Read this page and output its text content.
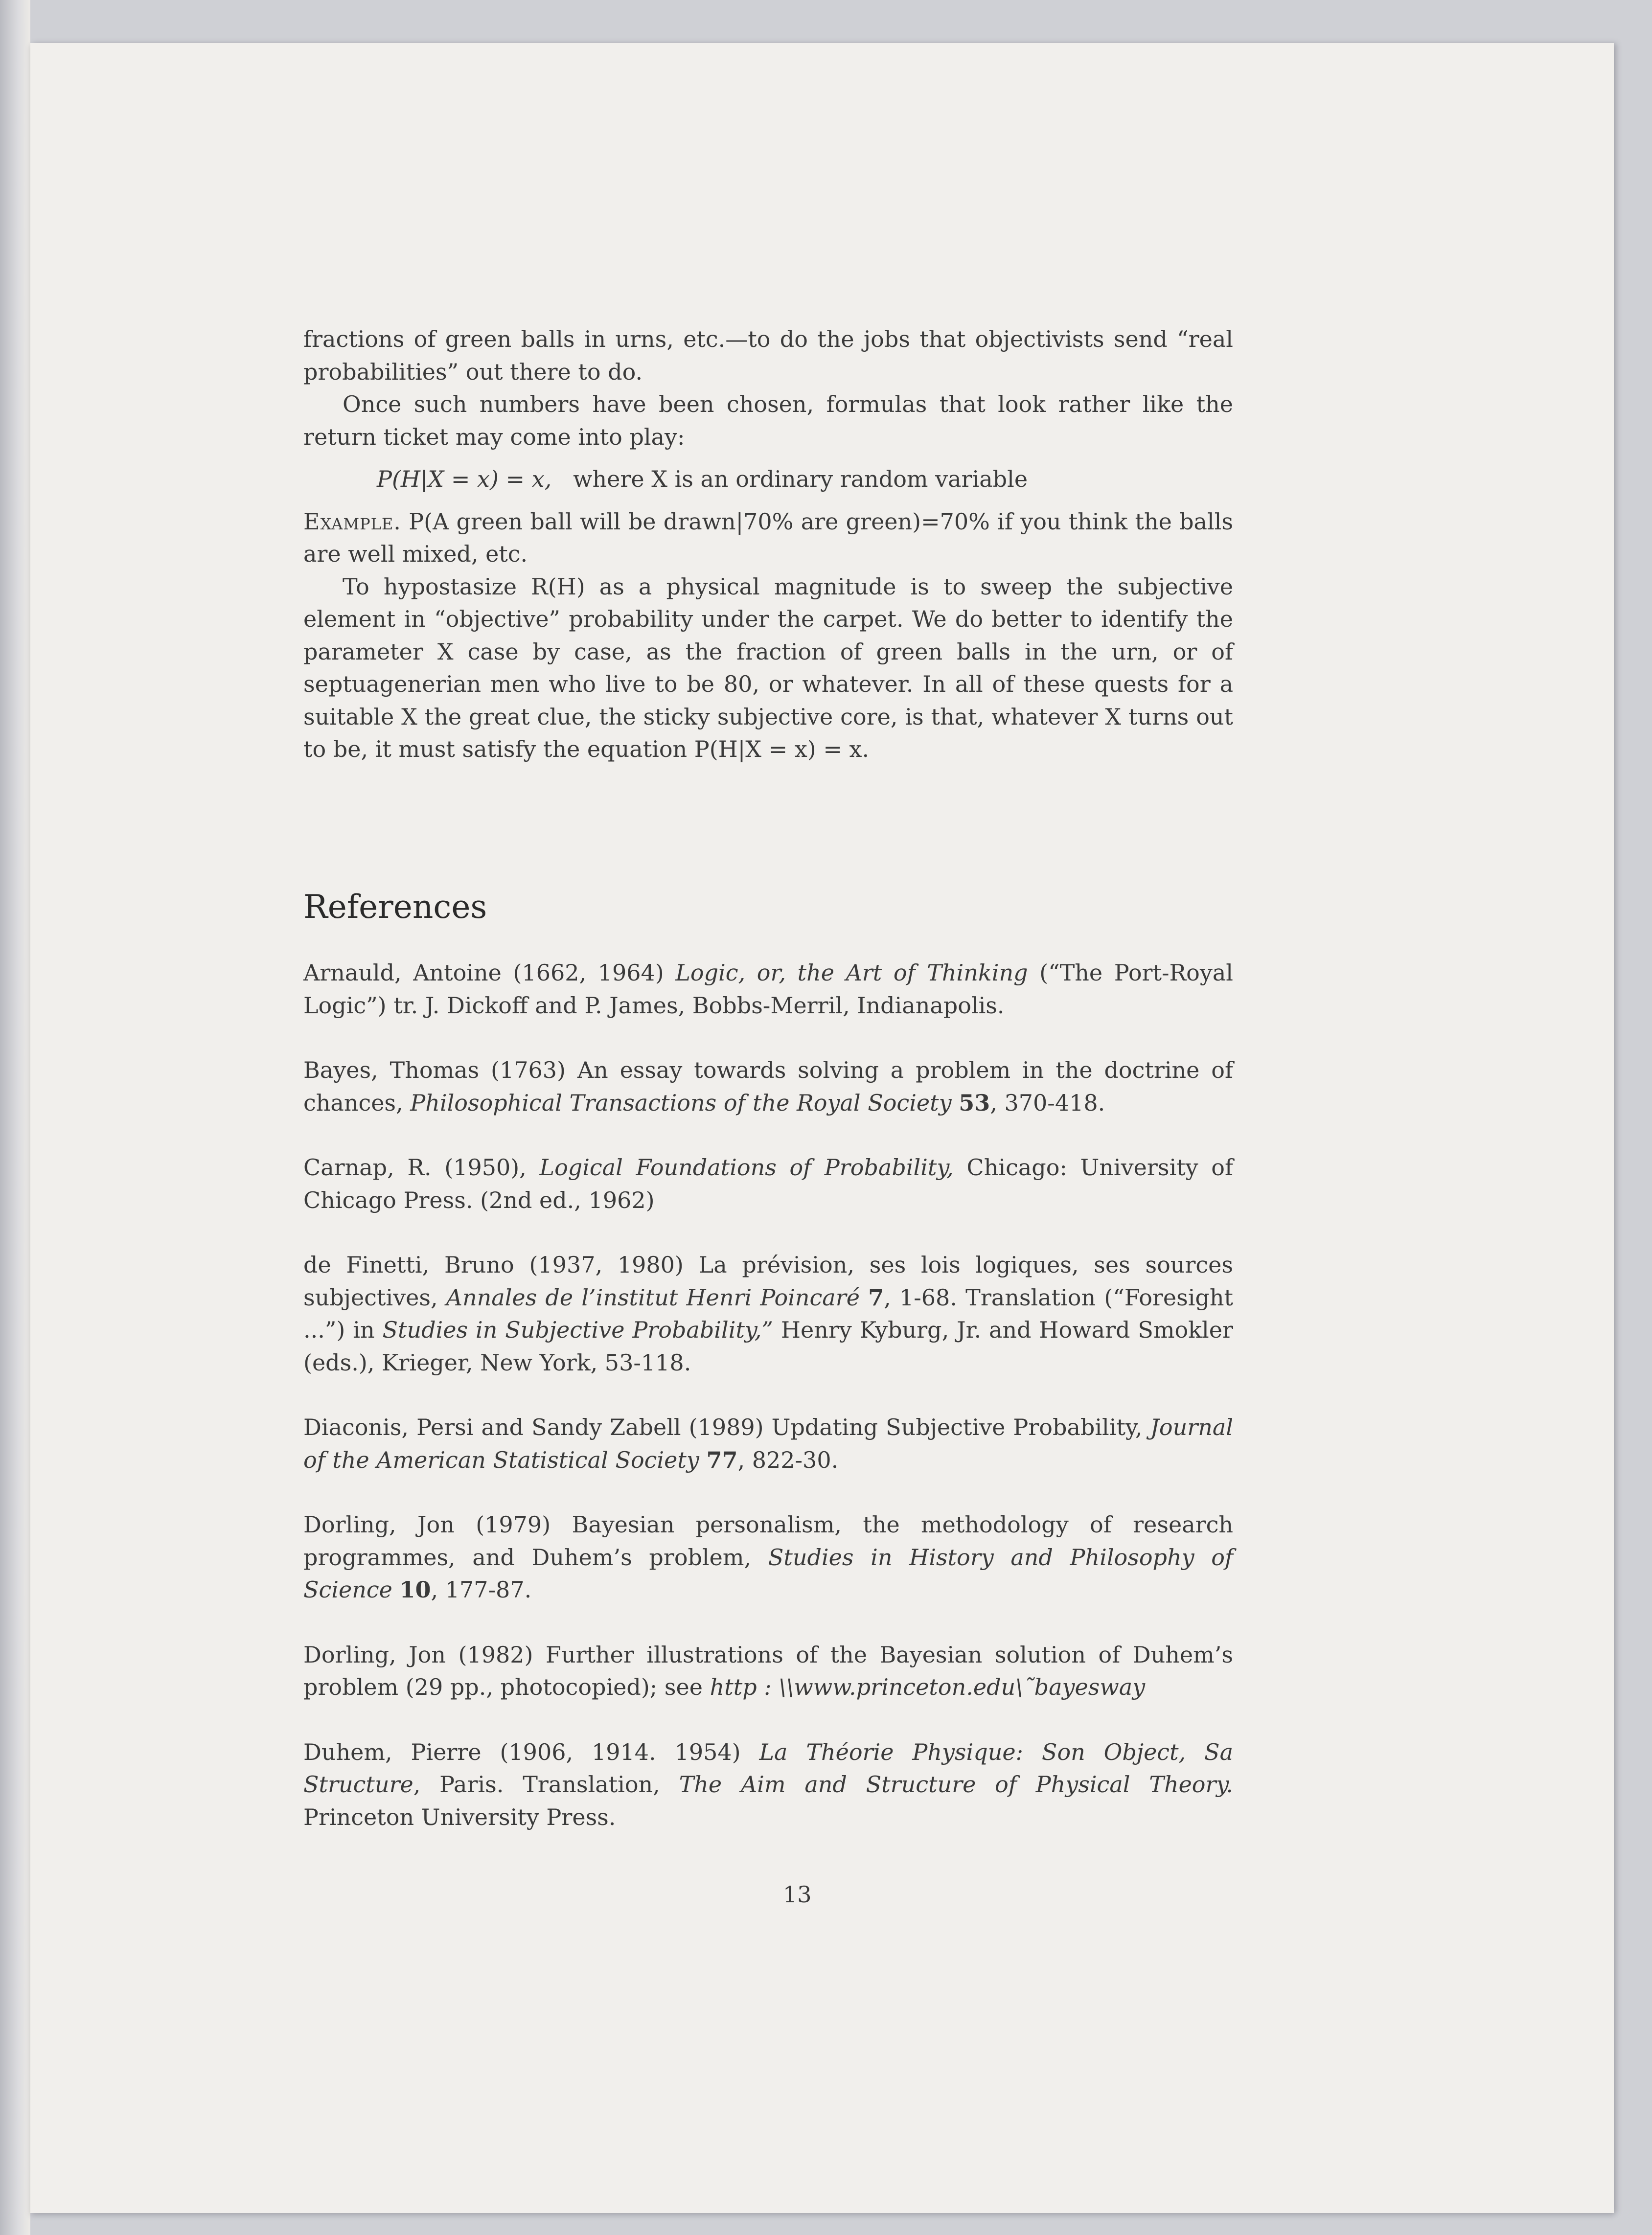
fractions of green balls in urns, etc.—to do the jobs that objectivists send “real probabilities” out there to do.

Once such numbers have been chosen, formulas that look rather like the return ticket may come into play:

P(H|X = x) = x, where X is an ordinary random variable

Example. P(A green ball will be drawn|70% are green)=70% if you think the balls are well mixed, etc.

To hypostasize R(H) as a physical magnitude is to sweep the subjective element in “objective” probability under the carpet. We do better to identify the parameter X case by case, as the fraction of green balls in the urn, or of septuagenerian men who live to be 80, or whatever. In all of these quests for a suitable X the great clue, the sticky subjective core, is that, whatever X turns out to be, it must satisfy the equation P(H|X = x) = x.

References

Arnauld, Antoine (1662, 1964) Logic, or, the Art of Thinking (“The Port-Royal Logic”) tr. J. Dickoff and P. James, Bobbs-Merril, Indianapolis.

Bayes, Thomas (1763) An essay towards solving a problem in the doctrine of chances, Philosophical Transactions of the Royal Society 53, 370-418.

Carnap, R. (1950), Logical Foundations of Probability, Chicago: University of Chicago Press. (2nd ed., 1962)

de Finetti, Bruno (1937, 1980) La prévision, ses lois logiques, ses sources subjectives, Annales de l’institut Henri Poincaré 7, 1-68. Translation (“Foresight ...”) in Studies in Subjective Probability,” Henry Kyburg, Jr. and Howard Smokler (eds.), Krieger, New York, 53-118.

Diaconis, Persi and Sandy Zabell (1989) Updating Subjective Probability, Journal of the American Statistical Society 77, 822-30.

Dorling, Jon (1979) Bayesian personalism, the methodology of research programmes, and Duhem’s problem, Studies in History and Philosophy of Science 10, 177-87.

Dorling, Jon (1982) Further illustrations of the Bayesian solution of Duhem’s problem (29 pp., photocopied); see http : \\www.princeton.edu\˜bayesway

Duhem, Pierre (1906, 1914. 1954) La Théorie Physique: Son Object, Sa Structure, Paris. Translation, The Aim and Structure of Physical Theory. Princeton University Press.

13
